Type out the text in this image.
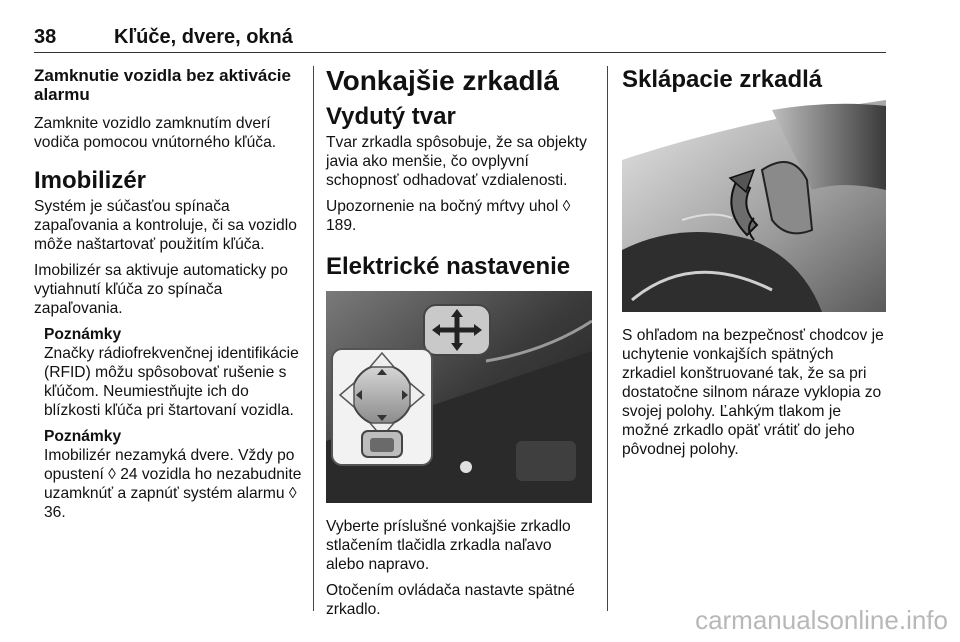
38	Kľúče, dvere, okná
Zamknutie vozidla bez aktivácie alarmu

Zamknite vozidlo zamknutím dverí vodiča pomocou vnútorného kľúča.

Imobilizér

Systém je súčasťou spínača zapaľovania a kontroluje, či sa vozidlo môže naštartovať použitím kľúča.

Imobilizér sa aktivuje automaticky po vytiahnutí kľúča zo spínača zapaľovania.

Poznámky

Značky rádiofrekvenčnej identifikácie (RFID) môžu spôsobovať rušenie s kľúčom. Neumiestňujte ich do blízkosti kľúča pri štartovaní vozidla.

Poznámky

Imobilizér nezamyká dvere. Vždy po opustení ◊ 24 vozidla ho nezabudnite uzamknúť a zapnúť systém alarmu ◊ 36.

Vonkajšie zrkadlá
Vydutý tvar

Tvar zrkadla spôsobuje, že sa objekty javia ako menšie, čo ovplyvní schopnosť odhadovať vzdialenosti.

Upozornenie na bočný mŕtvy uhol ◊ 189.

Elektrické nastavenie

Vyberte príslušné vonkajšie zrkadlo stlačením tlačidla zrkadla naľavo alebo napravo.

Otočením ovládača nastavte spätné zrkadlo.

Sklápacie zrkadlá

S ohľadom na bezpečnosť chodcov je uchytenie vonkajších spätných zrkadiel konštruované tak, že sa pri dostatočne silnom náraze vyklopia zo svojej polohy. Ľahkým tlakom je možné zrkadlo opäť vrátiť do jeho pôvodnej polohy.

carmanualsonline.info
